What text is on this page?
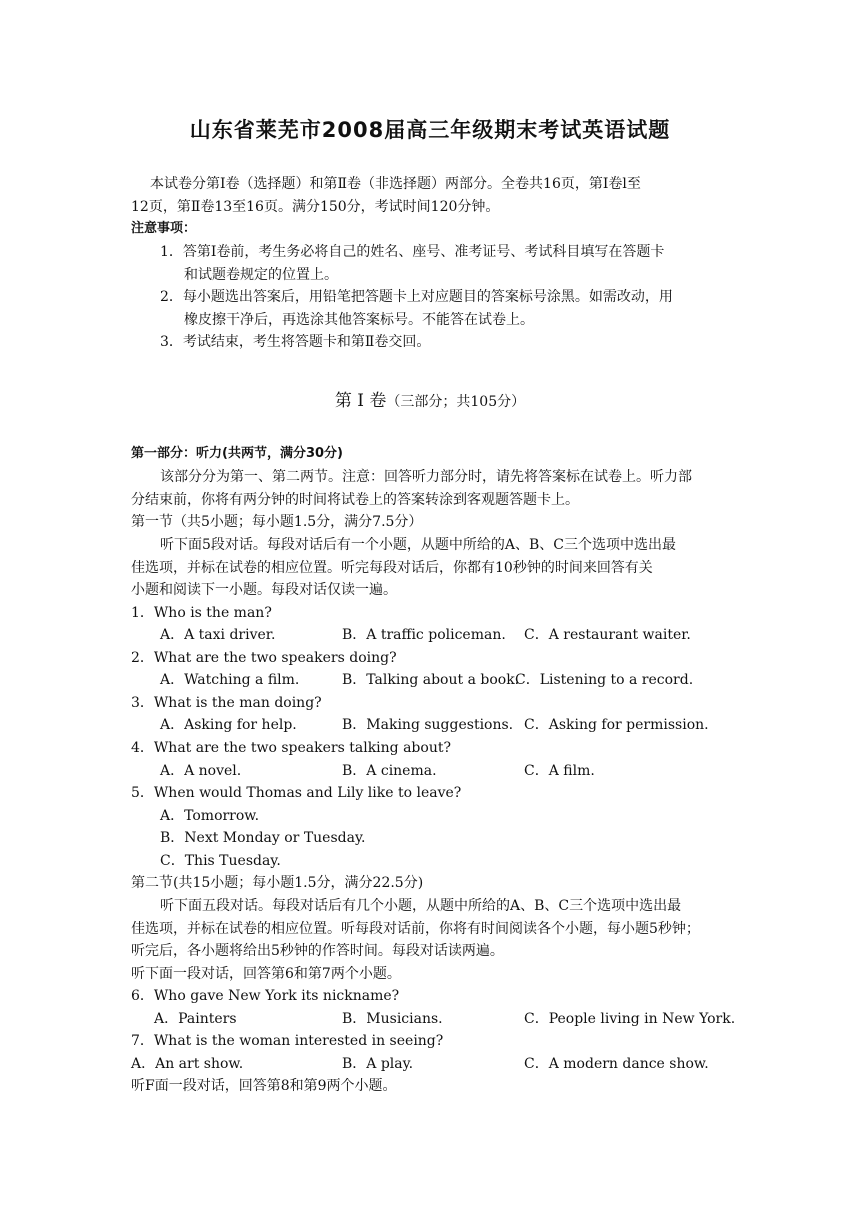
山东省莱芜市2008届高三年级期末考试英语试题
本试卷分第Ⅰ卷（选择题）和第Ⅱ卷（非选择题）两部分。全卷共16页，第Ⅰ卷l至
12页，第Ⅱ卷13至16页。满分150分，考试时间120分钟。
注意事项：
1．答第Ⅰ卷前，考生务必将自己的姓名、座号、准考证号、考试科目填写在答题卡
和试题卷规定的位置上。
2．每小题选出答案后，用铅笔把答题卡上对应题目的答案标号涂黑。如需改动，用
橡皮擦干净后，再选涂其他答案标号。不能答在试卷上。
3．考试结束，考生将答题卡和第Ⅱ卷交回。
第 Ⅰ 卷（三部分；共105分）
第一部分：听力(共两节，满分30分)
该部分分为第一、第二两节。注意：回答听力部分时，请先将答案标在试卷上。听力部
分结束前，你将有两分钟的时间将试卷上的答案转涂到客观题答题卡上。
第一节（共5小题；每小题1.5分，满分7.5分）
听下面5段对话。每段对话后有一个小题，从题中所给的A、B、C三个选项中选出最
佳选项，并标在试卷的相应位置。听完每段对话后，你都有10秒钟的时间来回答有关
小题和阅读下一小题。每段对话仅读一遍。
1．Who is the man?
A．A taxi driver.	B．A traffic policeman. C．A restaurant waiter.
2．What are the two speakers doing?
A．Watching a film.	B．Talking about a book.
C．Listening to a record.
3．What is the man doing?
A．Asking for help.	B．Making suggestions. C．Asking for permission.
4．What are the two speakers talking about?
A．A novel.	B．A cinema.	C．A film.
5．When would Thomas and Lily like to leave?
A．Tomorrow.
B．Next Monday or Tuesday.
C．This Tuesday.
第二节(共15小题；每小题1.5分，满分22.5分)
听下面五段对话。每段对话后有几个小题，从题中所给的A、B、C三个选项中选出最
佳选项，并标在试卷的相应位置。听每段对话前，你将有时间阅读各个小题，每小题5秒钟；
听完后，各小题将给出5秒钟的作答时间。每段对话读两遍。
听下面一段对话，回答第6和第7两个小题。
6．Who gave New York its nickname?
A．Painters	B．Musicians.	C．People living in New York.
7．What is the woman interested in seeing?
A．An art show.	B．A play.	C．A modern dance show.
听F面一段对话，回答第8和第9两个小题。
